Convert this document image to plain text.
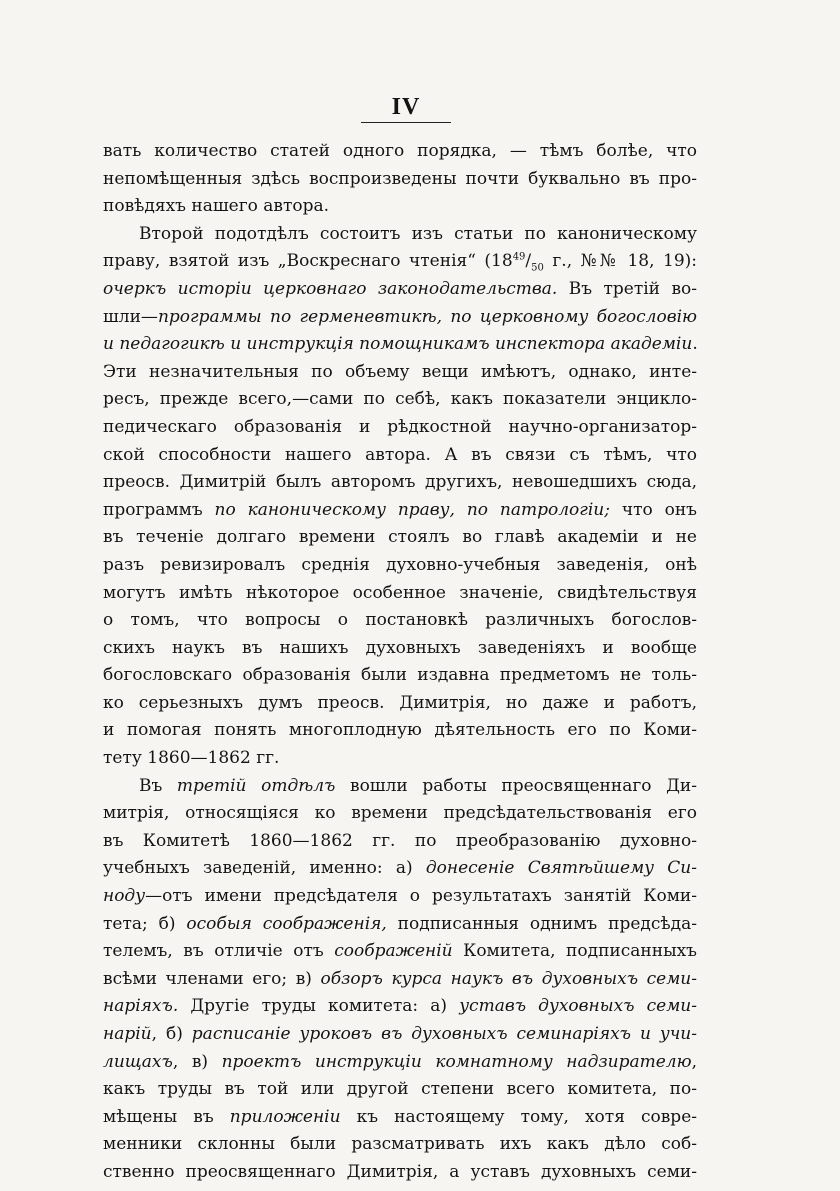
IV
вать количество статей одного порядка, — тѣмъ болѣе, что
непомѣщенныя здѣсь воспроизведены почти буквально въ про-
повѣдяхъ нашего автора.
Второй подотдѣлъ состоитъ изъ статьи по каноническому
праву, взятой изъ „Воскреснаго чтенія“ ($18^{49}/_{50}$ г., №№ 18, 19):
очеркъ исторіи церковнаго законодательства. Въ третій во-
шли—программы по герменевтикѣ, по церковному богословію
и педагогикѣ и инструкція помощникамъ инспектора академіи.
Эти незначительныя по объему вещи имѣютъ, однако, инте-
ресъ, прежде всего,—сами по себѣ, какъ показатели энцикло-
педическаго образованія и рѣдкостной научно-организатор-
ской способности нашего автора. А въ связи съ тѣмъ, что
преосв. Димитрій былъ авторомъ другихъ, невошедшихъ сюда,
программъ по каноническому праву, по патрологіи; что онъ
въ теченіе долгаго времени стоялъ во главѣ академіи и не
разъ ревизировалъ среднія духовно-учебныя заведенія, онѣ
могутъ имѣть нѣкоторое особенное значеніе, свидѣтельствуя
о томъ, что вопросы о постановкѣ различныхъ богослов-
скихъ наукъ въ нашихъ духовныхъ заведеніяхъ и вообще
богословскаго образованія были издавна предметомъ не толь-
ко серьезныхъ думъ преосв. Димитрія, но даже и работъ,
и помогая понять многоплодную дѣятельность его по Коми-
тету 1860—1862 гг.
Въ третій отдѣлъ вошли работы преосвященнаго Ди-
митрія, относящіяся ко времени предсѣдательствованія его
въ Комитетѣ 1860—1862 гг. по преобразованію духовно-
учебныхъ заведеній, именно: а) донесеніе Святѣйшему Си-
ноду—отъ имени предсѣдателя о результатахъ занятій Коми-
тета; б) особыя соображенія, подписанныя однимъ предсѣда-
телемъ, въ отличіе отъ соображеній Комитета, подписанныхъ
всѣми членами его; в) обзоръ курса наукъ въ духовныхъ семи-
наріяхъ. Другіе труды комитета: а) уставъ духовныхъ семи-
нарій, б) расписаніе уроковъ въ духовныхъ семинаріяхъ и учи-
лищахъ, в) проектъ инструкціи комнатному надзирателю,
какъ труды въ той или другой степени всего комитета, по-
мѣщены въ приложеніи къ настоящему тому, хотя совре-
менники склонны были разсматривать ихъ какъ дѣло соб-
ственно преосвященнаго Димитрія, а уставъ духовныхъ семи-
